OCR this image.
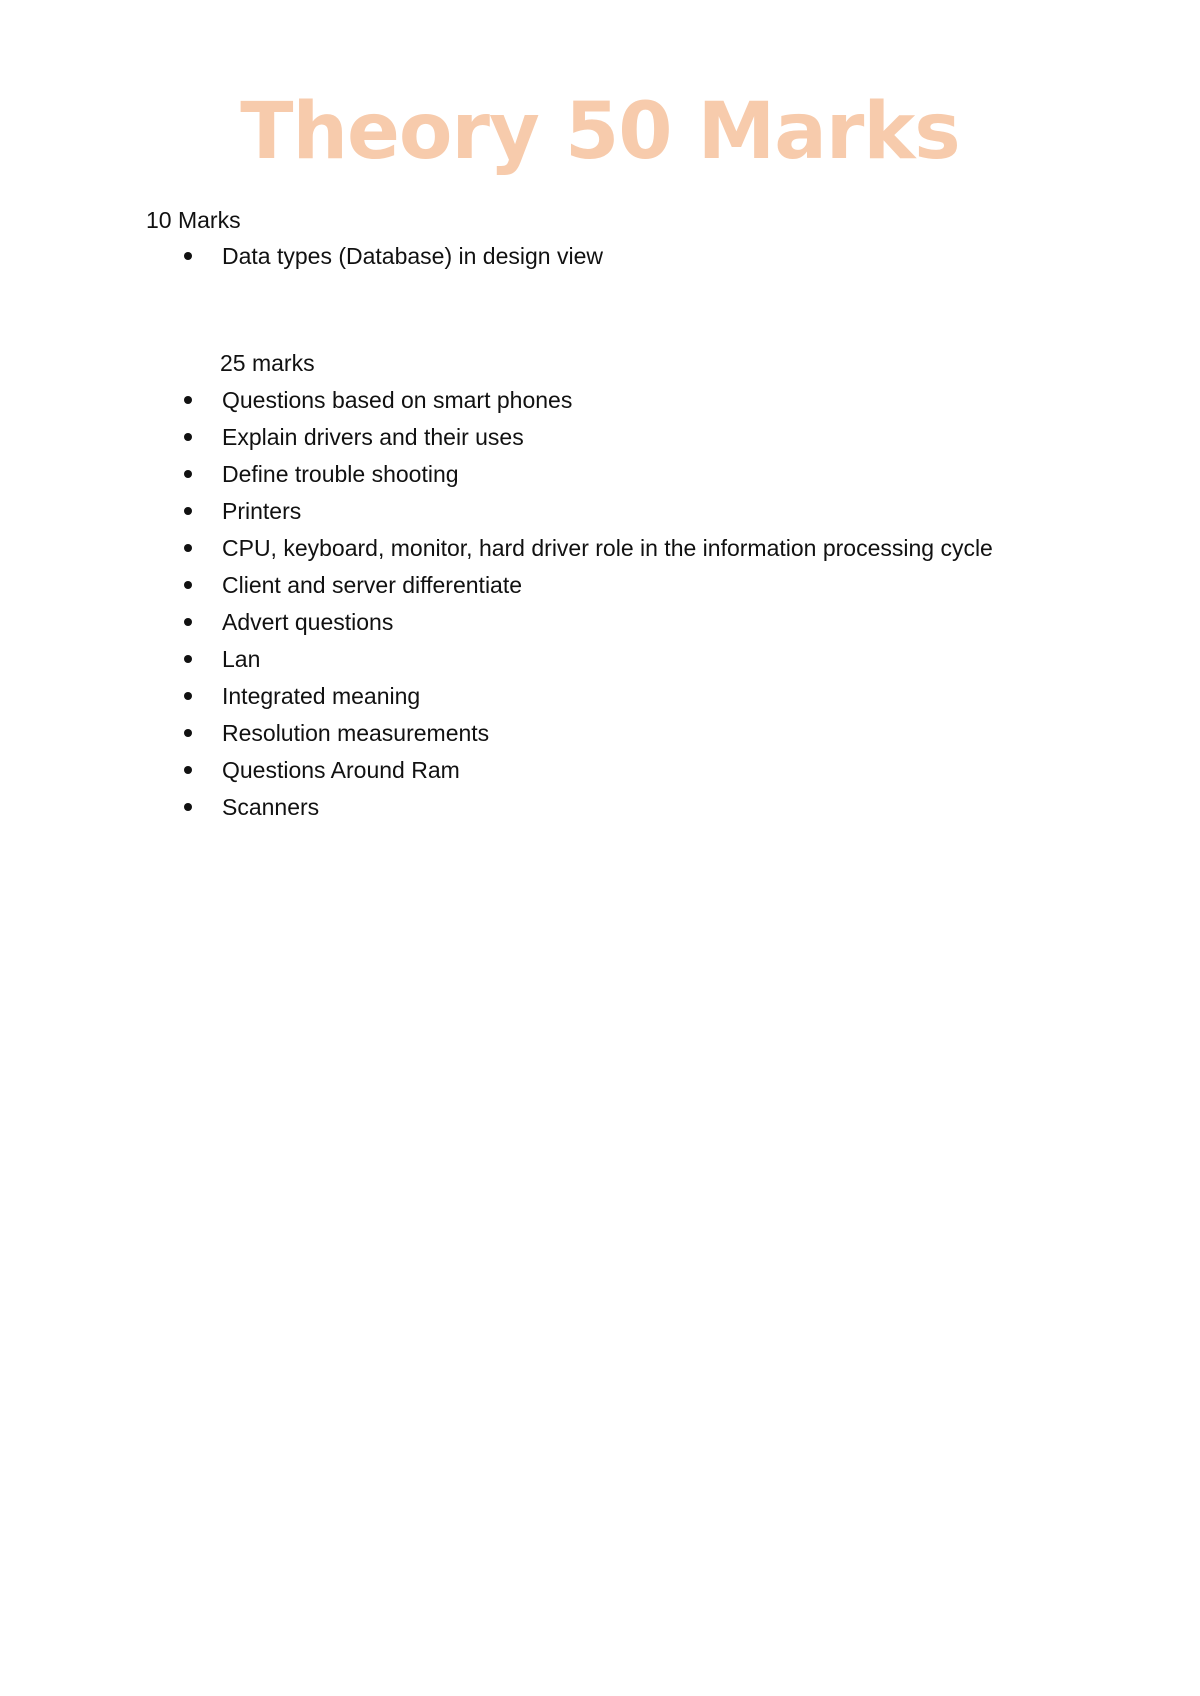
Theory 50 Marks
10 Marks
Data types (Database) in design view
25 marks
Questions based on smart phones
Explain drivers and their uses
Define trouble shooting
Printers
CPU, keyboard, monitor, hard driver role in the information processing cycle
Client and server differentiate
Advert questions
Lan
Integrated meaning
Resolution measurements
Questions Around Ram
Scanners
